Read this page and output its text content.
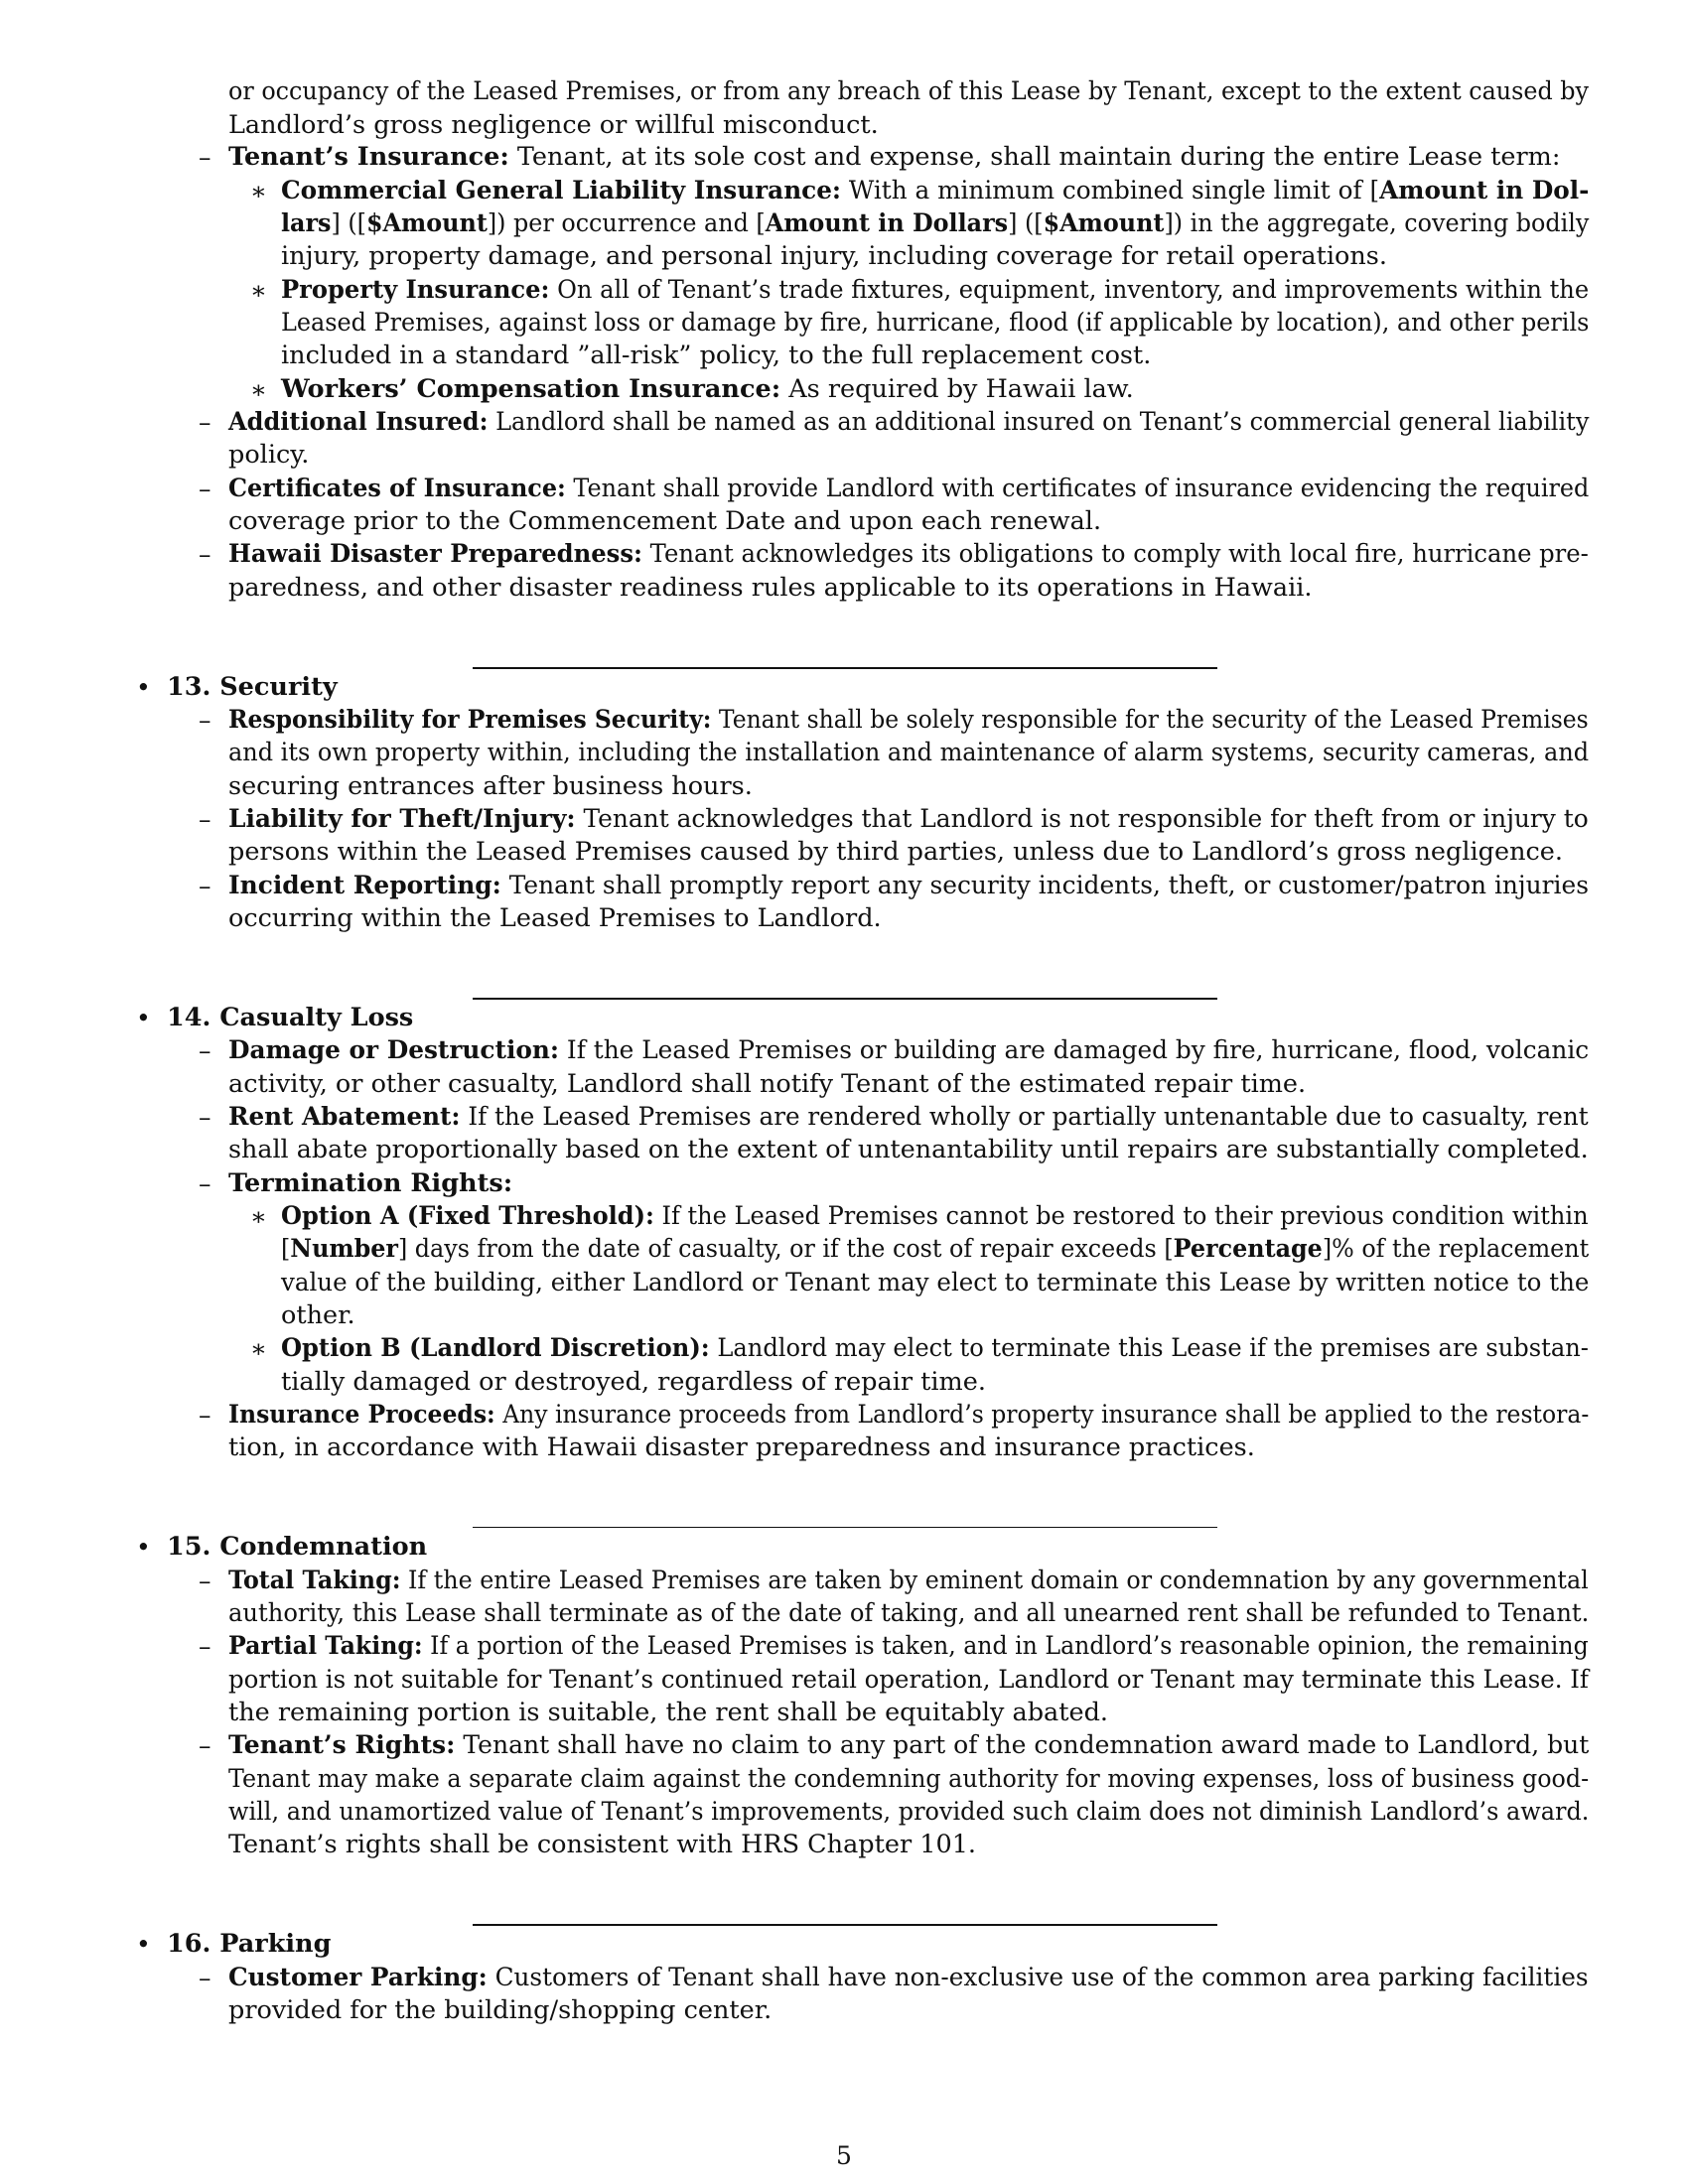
or occupancy of the Leased Premises, or from any breach of this Lease by Tenant, except to the extent caused by
Landlord’s gross negligence or willful misconduct.
– Tenant’s Insurance: Tenant, at its sole cost and expense, shall maintain during the entire Lease term:
∗ Commercial General Liability Insurance: With a minimum combined single limit of [Amount in Dol-
lars] ([$Amount]) per occurrence and [Amount in Dollars] ([$Amount]) in the aggregate, covering bodily
injury, property damage, and personal injury, including coverage for retail operations.
∗ Property Insurance: On all of Tenant’s trade fixtures, equipment, inventory, and improvements within the
Leased Premises, against loss or damage by fire, hurricane, flood (if applicable by location), and other perils
included in a standard ”all-risk” policy, to the full replacement cost.
∗ Workers’ Compensation Insurance: As required by Hawaii law.
– Additional Insured: Landlord shall be named as an additional insured on Tenant’s commercial general liability
policy.
– Certificates of Insurance: Tenant shall provide Landlord with certificates of insurance evidencing the required
coverage prior to the Commencement Date and upon each renewal.
– Hawaii Disaster Preparedness: Tenant acknowledges its obligations to comply with local fire, hurricane pre-
paredness, and other disaster readiness rules applicable to its operations in Hawaii.
• 13. Security
– Responsibility for Premises Security: Tenant shall be solely responsible for the security of the Leased Premises
and its own property within, including the installation and maintenance of alarm systems, security cameras, and
securing entrances after business hours.
– Liability for Theft/Injury: Tenant acknowledges that Landlord is not responsible for theft from or injury to
persons within the Leased Premises caused by third parties, unless due to Landlord’s gross negligence.
– Incident Reporting: Tenant shall promptly report any security incidents, theft, or customer/patron injuries
occurring within the Leased Premises to Landlord.
• 14. Casualty Loss
– Damage or Destruction: If the Leased Premises or building are damaged by fire, hurricane, flood, volcanic
activity, or other casualty, Landlord shall notify Tenant of the estimated repair time.
– Rent Abatement: If the Leased Premises are rendered wholly or partially untenantable due to casualty, rent
shall abate proportionally based on the extent of untenantability until repairs are substantially completed.
– Termination Rights:
∗ Option A (Fixed Threshold): If the Leased Premises cannot be restored to their previous condition within
[Number] days from the date of casualty, or if the cost of repair exceeds [Percentage]% of the replacement
value of the building, either Landlord or Tenant may elect to terminate this Lease by written notice to the
other.
∗ Option B (Landlord Discretion): Landlord may elect to terminate this Lease if the premises are substan-
tially damaged or destroyed, regardless of repair time.
– Insurance Proceeds: Any insurance proceeds from Landlord’s property insurance shall be applied to the restora-
tion, in accordance with Hawaii disaster preparedness and insurance practices.
• 15. Condemnation
– Total Taking: If the entire Leased Premises are taken by eminent domain or condemnation by any governmental
authority, this Lease shall terminate as of the date of taking, and all unearned rent shall be refunded to Tenant.
– Partial Taking: If a portion of the Leased Premises is taken, and in Landlord’s reasonable opinion, the remaining
portion is not suitable for Tenant’s continued retail operation, Landlord or Tenant may terminate this Lease. If
the remaining portion is suitable, the rent shall be equitably abated.
– Tenant’s Rights: Tenant shall have no claim to any part of the condemnation award made to Landlord, but
Tenant may make a separate claim against the condemning authority for moving expenses, loss of business good-
will, and unamortized value of Tenant’s improvements, provided such claim does not diminish Landlord’s award.
Tenant’s rights shall be consistent with HRS Chapter 101.
• 16. Parking
– Customer Parking: Customers of Tenant shall have non-exclusive use of the common area parking facilities
provided for the building/shopping center.
5
